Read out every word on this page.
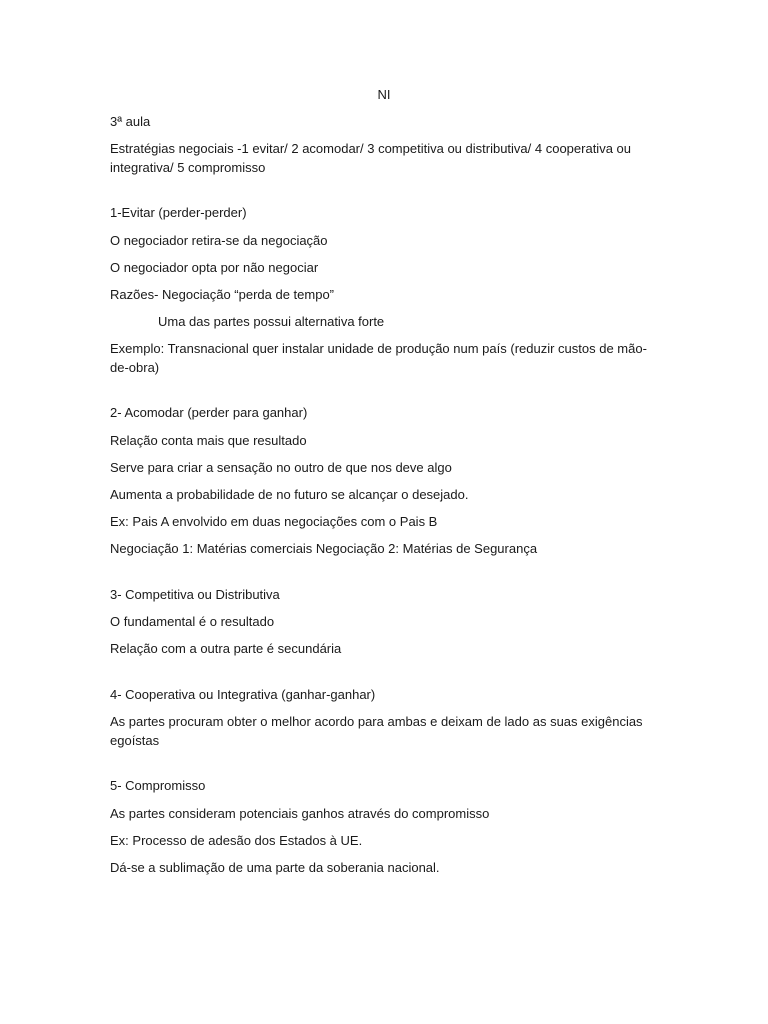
NI
3ª aula
Estratégias negociais -1 evitar/ 2 acomodar/ 3 competitiva ou distributiva/ 4 cooperativa ou integrativa/ 5 compromisso
1-Evitar (perder-perder)
O negociador retira-se da negociação
O negociador opta por não negociar
Razões- Negociação “perda de tempo”
Uma das partes possui alternativa forte
Exemplo: Transnacional quer instalar unidade de produção num país (reduzir custos de mão-de-obra)
2- Acomodar (perder para ganhar)
Relação conta mais que resultado
Serve para criar a sensação no outro de que nos deve algo
Aumenta a probabilidade de no futuro se alcançar o desejado.
Ex: Pais A envolvido em duas negociações com o Pais B
Negociação 1: Matérias comerciais Negociação 2: Matérias de Segurança
3- Competitiva ou Distributiva
O fundamental é o resultado
Relação com a outra parte é secundária
4- Cooperativa ou Integrativa (ganhar-ganhar)
As partes procuram obter o melhor acordo para ambas e deixam de lado as suas exigências egoístas
5- Compromisso
As partes consideram potenciais ganhos através do compromisso
Ex: Processo de adesão dos Estados à UE.
Dá-se a sublimação de uma parte da soberania nacional.
